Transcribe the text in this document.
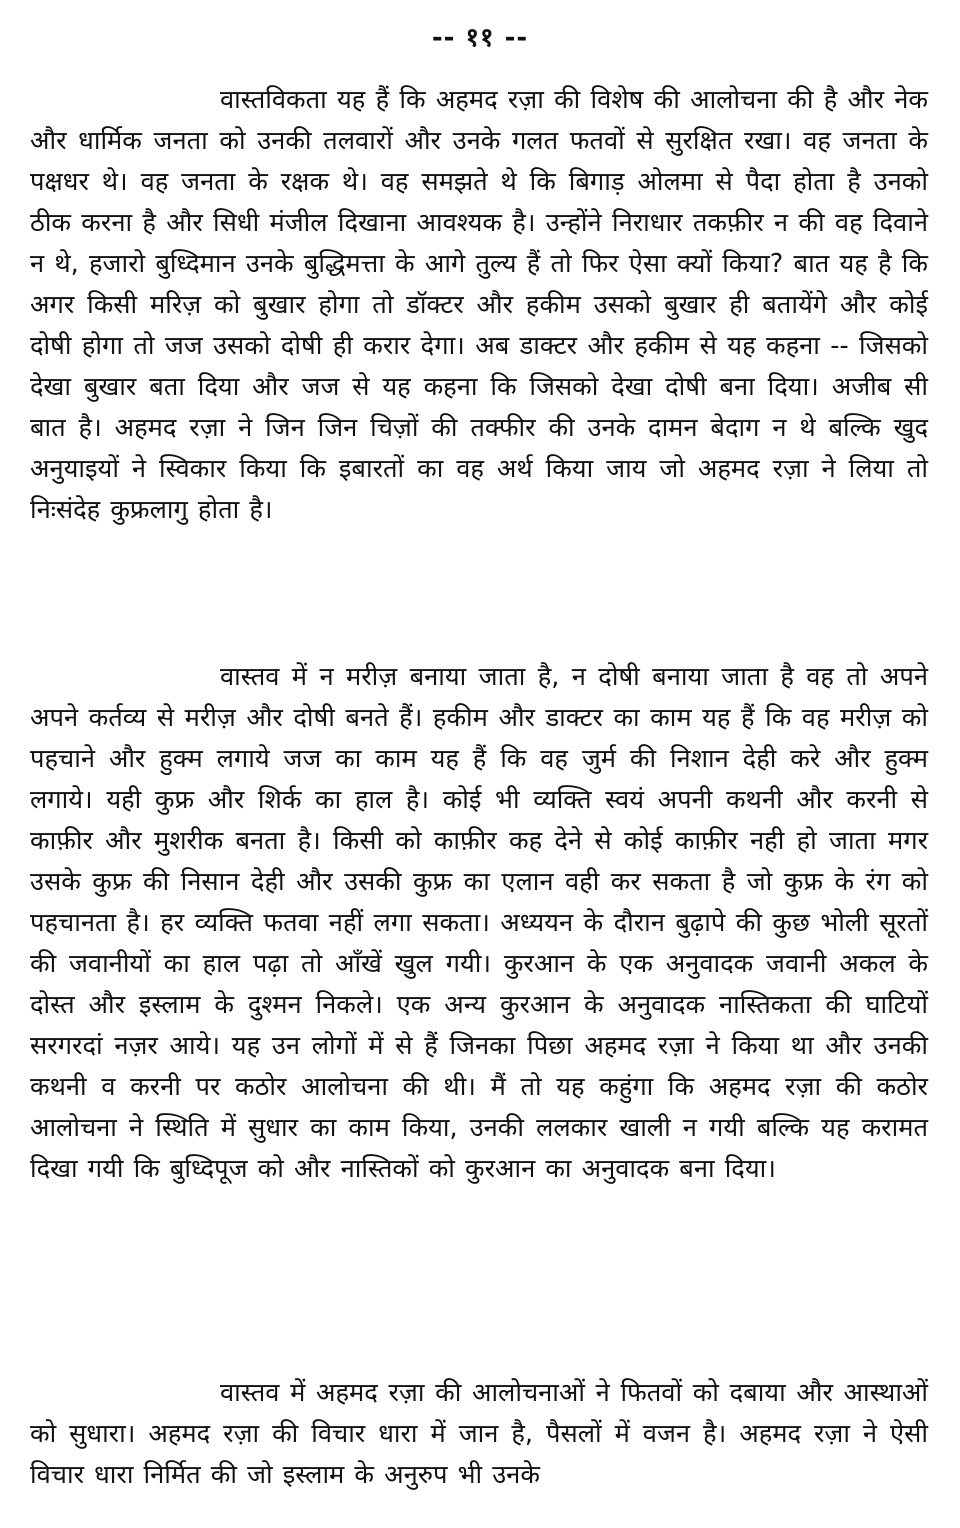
-- ११ --

वास्तविकता यह हैं कि अहमद रज़ा की विशेष की आलोचना की है और नेक और धार्मिक जनता को उनकी तलवारों और उनके गलत फतवों से सुरक्षित रखा। वह जनता के पक्षधर थे। वह जनता के रक्षक थे। वह समझते थे कि बिगाड़ ओलमा से पैदा होता है उनको ठीक करना है और सिधी मंजील दिखाना आवश्यक है। उन्होंने निराधार तकफ़ीर न की वह दिवाने न थे, हजारो बुध्दिमान उनके बुद्धिमत्ता के आगे तुल्य हैं तो फिर ऐसा क्यों किया? बात यह है कि अगर किसी मरिज़ को बुखार होगा तो डॉक्टर और हकीम उसको बुखार ही बतायेंगे और कोई दोषी होगा तो जज उसको दोषी ही करार देगा। अब डाक्टर और हकीम से यह कहना -- जिसको देखा बुखार बता दिया और जज से यह कहना कि जिसको देखा दोषी बना दिया। अजीब सी बात है। अहमद रज़ा ने जिन जिन चिज़ों की तक्फीर की उनके दामन बेदाग न थे बल्कि खुद अनुयाइयों ने स्विकार किया कि इबारतों का वह अर्थ किया जाय जो अहमद रज़ा ने लिया तो निःसंदेह कुफ्रलागु होता है।

वास्तव में न मरीज़ बनाया जाता है, न दोषी बनाया जाता है वह तो अपने अपने कर्तव्य से मरीज़ और दोषी बनते हैं। हकीम और डाक्टर का काम यह हैं कि वह मरीज़ को पहचाने और हुक्म लगाये जज का काम यह हैं कि वह जुर्म की निशान देही करे और हुक्म लगाये। यही कुफ्र और शिर्क का हाल है। कोई भी व्यक्ति स्वयं अपनी कथनी और करनी से काफ़ीर और मुशरीक बनता है। किसी को काफ़ीर कह देने से कोई काफ़ीर नही हो जाता मगर उसके कुफ्र की निसान देही और उसकी कुफ्र का एलान वही कर सकता है जो कुफ्र के रंग को पहचानता है। हर व्यक्ति फतवा नहीं लगा सकता। अध्ययन के दौरान बुढ़ापे की कुछ भोली सूरतों की जवानीयों का हाल पढ़ा तो आँखें खुल गयी। कुरआन के एक अनुवादक जवानी अकल के दोस्त और इस्लाम के दुश्मन निकले। एक अन्य कुरआन के अनुवादक नास्तिकता की घाटियों सरगरदां नज़र आये। यह उन लोगों में से हैं जिनका पिछा अहमद रज़ा ने किया था और उनकी कथनी व करनी पर कठोर आलोचना की थी। मैं तो यह कहुंगा कि अहमद रज़ा की कठोर आलोचना ने स्थिति में सुधार का काम किया, उनकी ललकार खाली न गयी बल्कि यह करामत दिखा गयी कि बुध्दिपूज को और नास्तिकों को कुरआन का अनुवादक बना दिया।

वास्तव में अहमद रज़ा की आलोचनाओं ने फितवों को दबाया और आस्थाओं को सुधारा। अहमद रज़ा की विचार धारा में जान है, पैसलों में वजन है। अहमद रज़ा ने ऐसी विचार धारा निर्मित की जो इस्लाम के अनुरुप भी उनके
